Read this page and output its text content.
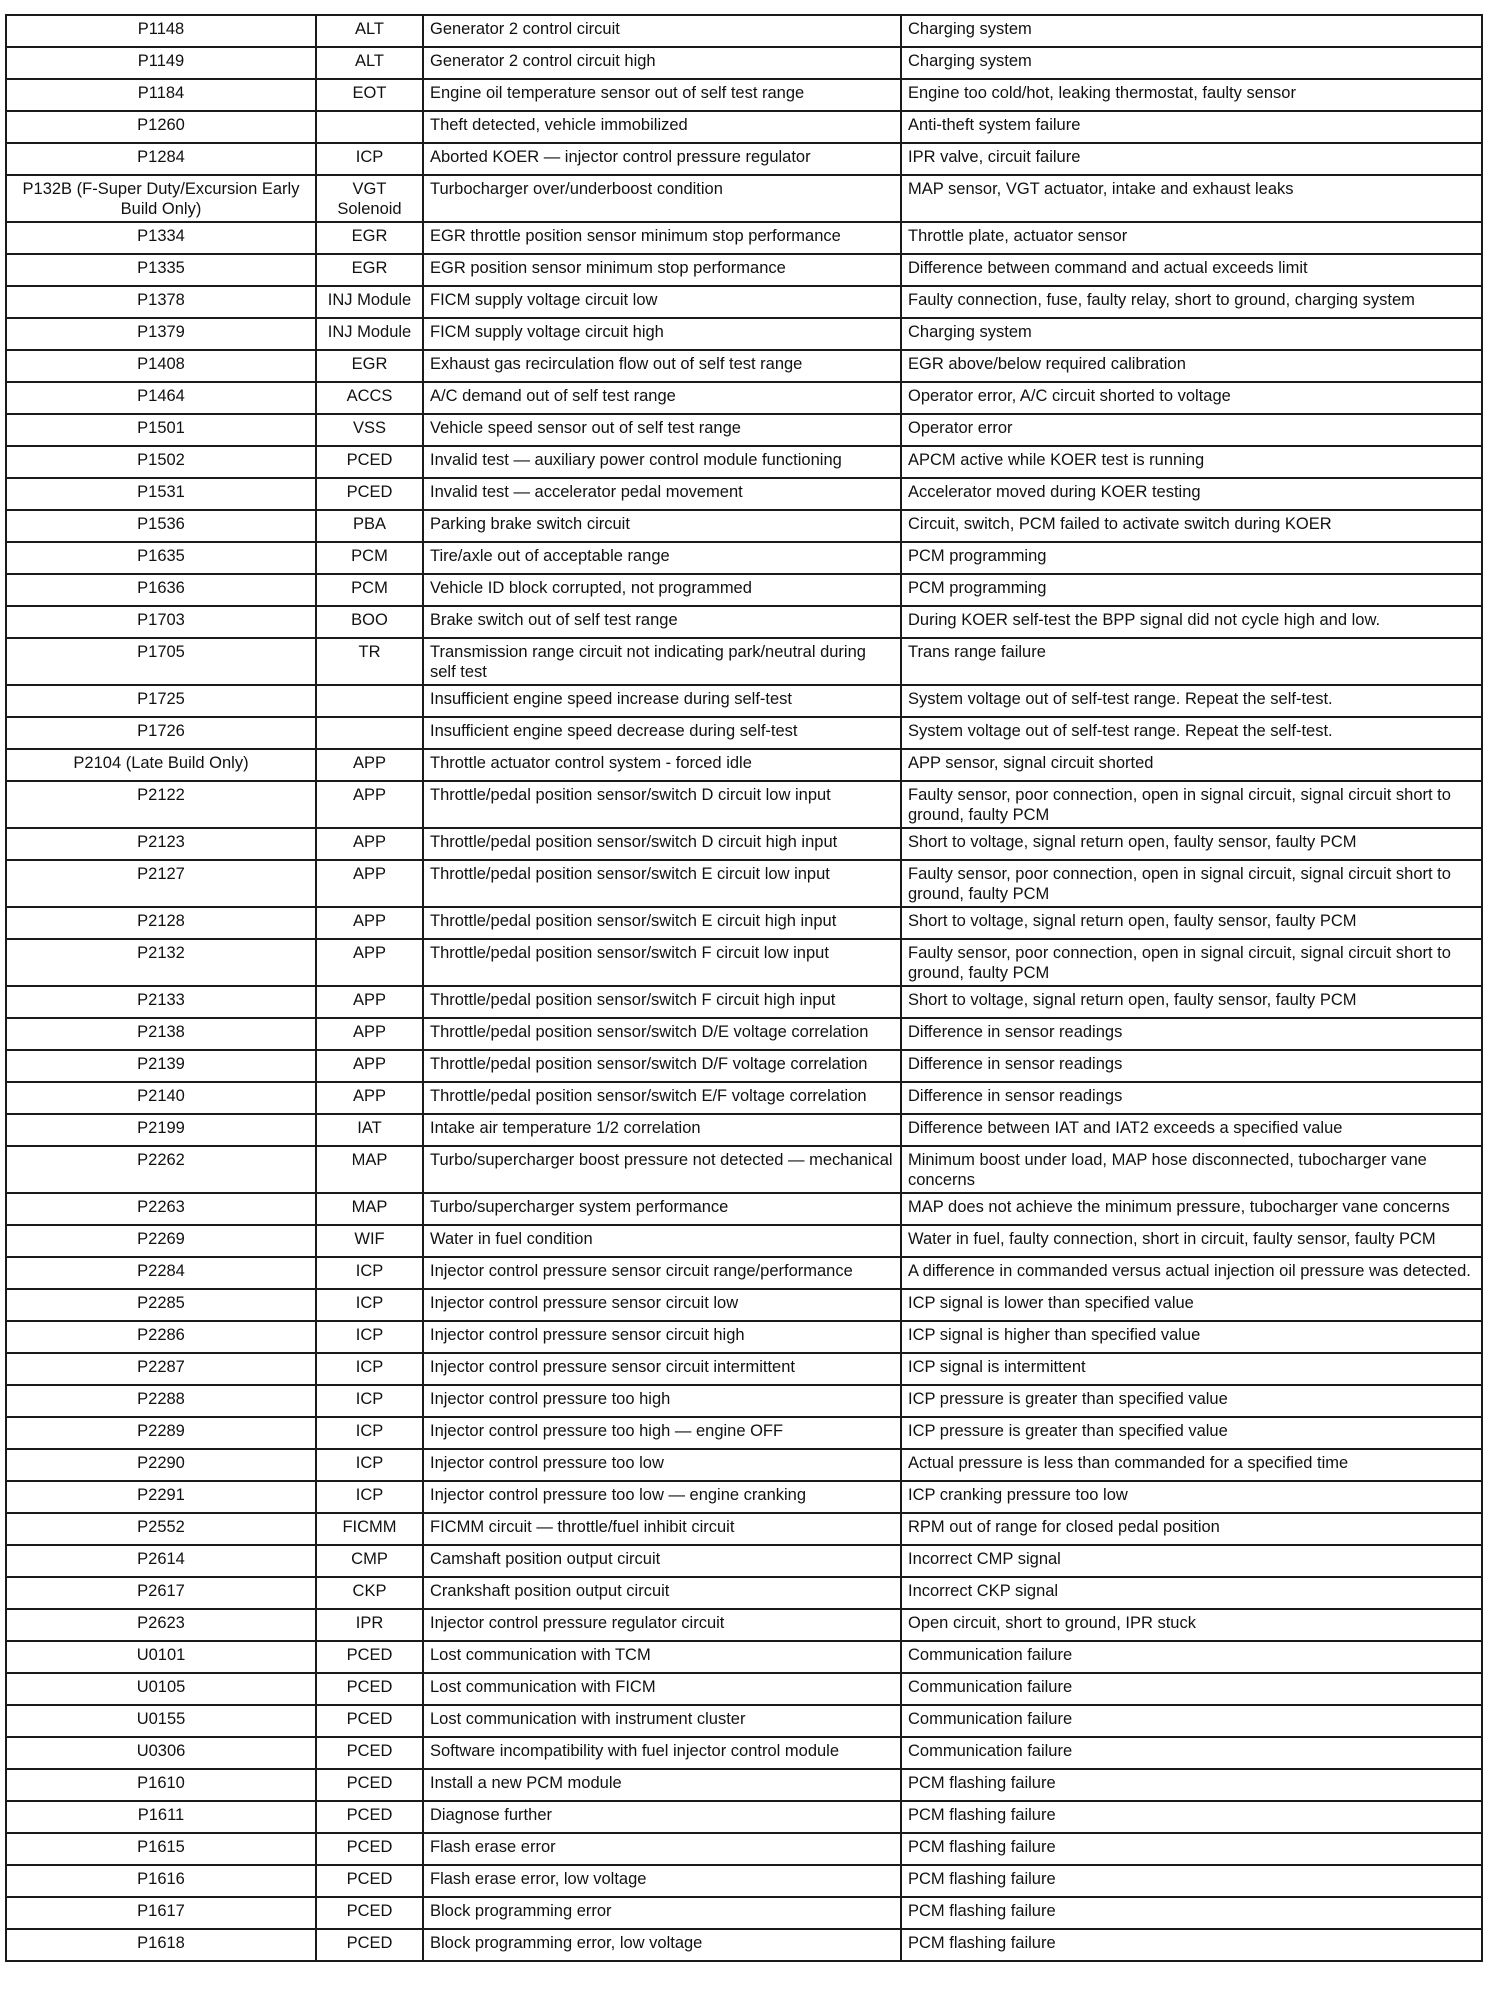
P1148	ALT	Generator 2 control circuit	Charging system
P1149	ALT	Generator 2 control circuit high	Charging system
P1184	EOT	Engine oil temperature sensor out of self test range	Engine too cold/hot, leaking thermostat, faulty sensor
P1260		Theft detected, vehicle immobilized	Anti-theft system failure
P1284	ICP	Aborted KOER — injector control pressure regulator	IPR valve, circuit failure
P132B (F-Super Duty/Excursion Early Build Only)	VGT Solenoid	Turbocharger over/underboost condition	MAP sensor, VGT actuator, intake and exhaust leaks
P1334	EGR	EGR throttle position sensor minimum stop performance	Throttle plate, actuator sensor
P1335	EGR	EGR position sensor minimum stop performance	Difference between command and actual exceeds limit
P1378	INJ Module	FICM supply voltage circuit low	Faulty connection, fuse, faulty relay, short to ground, charging system
P1379	INJ Module	FICM supply voltage circuit high	Charging system
P1408	EGR	Exhaust gas recirculation flow out of self test range	EGR above/below required calibration
P1464	ACCS	A/C demand out of self test range	Operator error, A/C circuit shorted to voltage
P1501	VSS	Vehicle speed sensor out of self test range	Operator error
P1502	PCED	Invalid test — auxiliary power control module functioning	APCM active while KOER test is running
P1531	PCED	Invalid test — accelerator pedal movement	Accelerator moved during KOER testing
P1536	PBA	Parking brake switch circuit	Circuit, switch, PCM failed to activate switch during KOER
P1635	PCM	Tire/axle out of acceptable range	PCM programming
P1636	PCM	Vehicle ID block corrupted, not programmed	PCM programming
P1703	BOO	Brake switch out of self test range	During KOER self-test the BPP signal did not cycle high and low.
P1705	TR	Transmission range circuit not indicating park/neutral during self test	Trans range failure
P1725		Insufficient engine speed increase during self-test	System voltage out of self-test range. Repeat the self-test.
P1726		Insufficient engine speed decrease during self-test	System voltage out of self-test range. Repeat the self-test.
P2104 (Late Build Only)	APP	Throttle actuator control system - forced idle	APP sensor, signal circuit shorted
P2122	APP	Throttle/pedal position sensor/switch D circuit low input	Faulty sensor, poor connection, open in signal circuit, signal circuit short to ground, faulty PCM
P2123	APP	Throttle/pedal position sensor/switch D circuit high input	Short to voltage, signal return open, faulty sensor, faulty PCM
P2127	APP	Throttle/pedal position sensor/switch E circuit low input	Faulty sensor, poor connection, open in signal circuit, signal circuit short to ground, faulty PCM
P2128	APP	Throttle/pedal position sensor/switch E circuit high input	Short to voltage, signal return open, faulty sensor, faulty PCM
P2132	APP	Throttle/pedal position sensor/switch F circuit low input	Faulty sensor, poor connection, open in signal circuit, signal circuit short to ground, faulty PCM
P2133	APP	Throttle/pedal position sensor/switch F circuit high input	Short to voltage, signal return open, faulty sensor, faulty PCM
P2138	APP	Throttle/pedal position sensor/switch D/E voltage correlation	Difference in sensor readings
P2139	APP	Throttle/pedal position sensor/switch D/F voltage correlation	Difference in sensor readings
P2140	APP	Throttle/pedal position sensor/switch E/F voltage correlation	Difference in sensor readings
P2199	IAT	Intake air temperature 1/2 correlation	Difference between IAT and IAT2 exceeds a specified value
P2262	MAP	Turbo/supercharger boost pressure not detected — mechanical	Minimum boost under load, MAP hose disconnected, tubocharger vane concerns
P2263	MAP	Turbo/supercharger system performance	MAP does not achieve the minimum pressure, tubocharger vane concerns
P2269	WIF	Water in fuel condition	Water in fuel, faulty connection, short in circuit, faulty sensor, faulty PCM
P2284	ICP	Injector control pressure sensor circuit range/performance	A difference in commanded versus actual injection oil pressure was detected.
P2285	ICP	Injector control pressure sensor circuit low	ICP signal is lower than specified value
P2286	ICP	Injector control pressure sensor circuit high	ICP signal is higher than specified value
P2287	ICP	Injector control pressure sensor circuit intermittent	ICP signal is intermittent
P2288	ICP	Injector control pressure too high	ICP pressure is greater than specified value
P2289	ICP	Injector control pressure too high — engine OFF	ICP pressure is greater than specified value
P2290	ICP	Injector control pressure too low	Actual pressure is less than commanded for a specified time
P2291	ICP	Injector control pressure too low — engine cranking	ICP cranking pressure too low
P2552	FICMM	FICMM circuit — throttle/fuel inhibit circuit	RPM out of range for closed pedal position
P2614	CMP	Camshaft position output circuit	Incorrect CMP signal
P2617	CKP	Crankshaft position output circuit	Incorrect CKP signal
P2623	IPR	Injector control pressure regulator circuit	Open circuit, short to ground, IPR stuck
U0101	PCED	Lost communication with TCM	Communication failure
U0105	PCED	Lost communication with FICM	Communication failure
U0155	PCED	Lost communication with instrument cluster	Communication failure
U0306	PCED	Software incompatibility with fuel injector control module	Communication failure
P1610	PCED	Install a new PCM module	PCM flashing failure
P1611	PCED	Diagnose further	PCM flashing failure
P1615	PCED	Flash erase error	PCM flashing failure
P1616	PCED	Flash erase error, low voltage	PCM flashing failure
P1617	PCED	Block programming error	PCM flashing failure
P1618	PCED	Block programming error, low voltage	PCM flashing failure
